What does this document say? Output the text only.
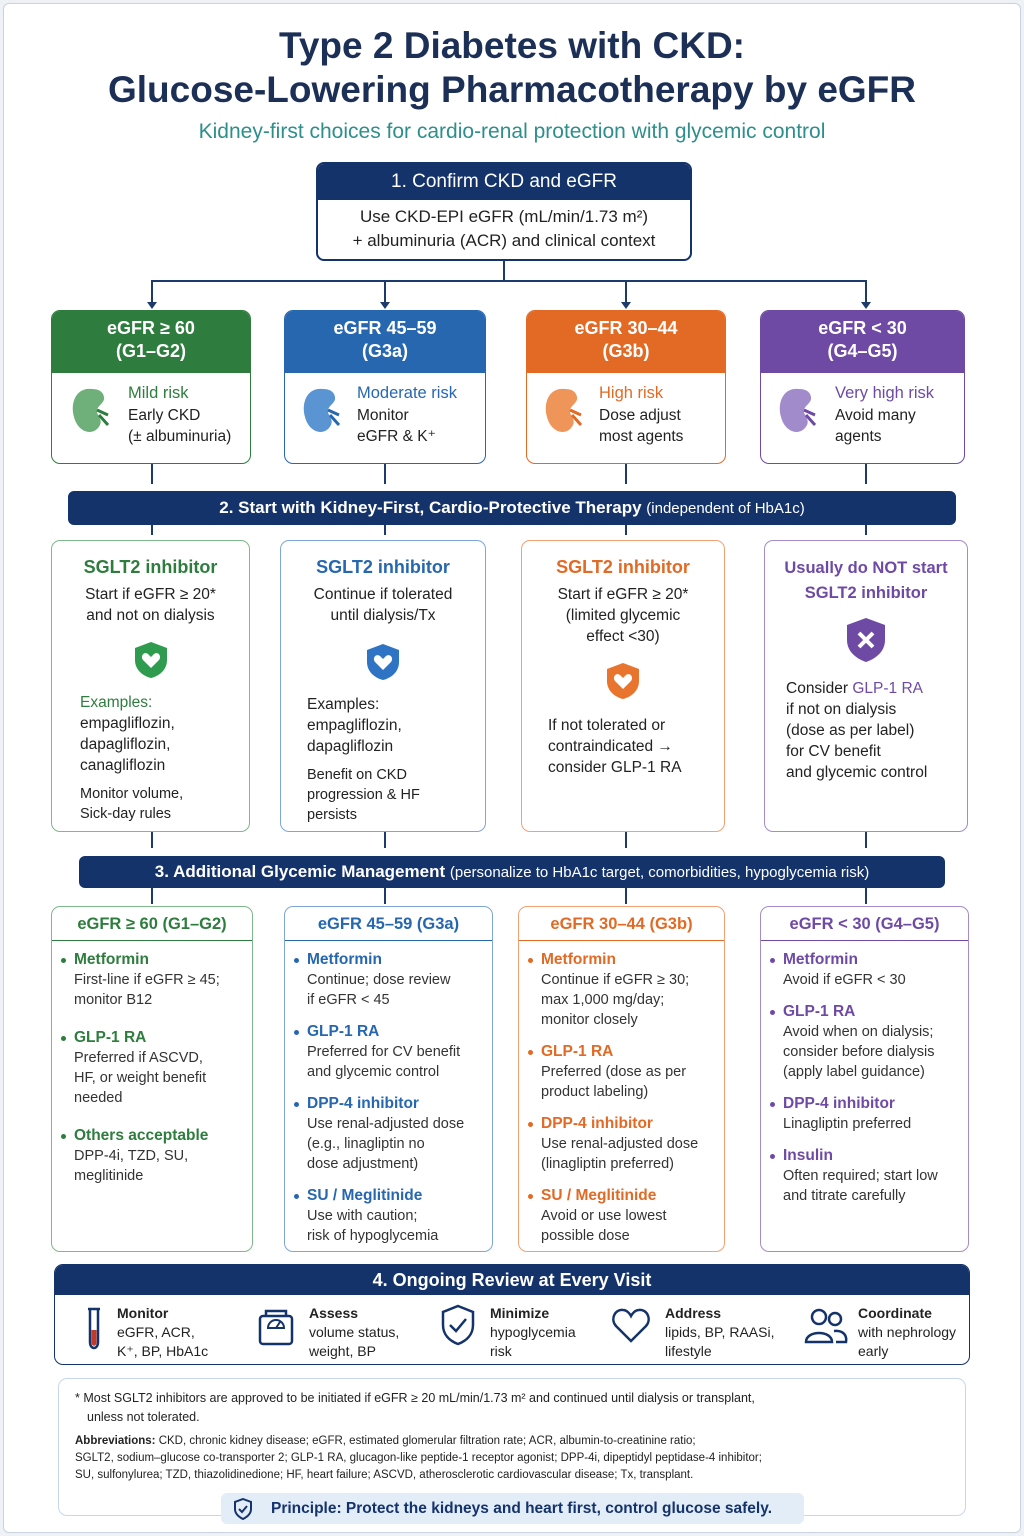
Type 2 Diabetes with CKD:
Glucose-Lowering Pharmacotherapy by eGFR
Kidney-first choices for cardio-renal protection with glycemic control
1. Confirm CKD and eGFR
Use CKD-EPI eGFR (mL/min/1.73 m²)
+ albuminuria (ACR) and clinical context
eGFR ≥ 60
(G1–G2)
Mild risk
Early CKD
(± albuminuria)
eGFR 45–59
(G3a)
Moderate risk
Monitor
eGFR & K⁺
eGFR 30–44
(G3b)
High risk
Dose adjust
most agents
eGFR < 30
(G4–G5)
Very high risk
Avoid many
agents
2. Start with Kidney-First, Cardio-Protective Therapy (independent of HbA1c)
SGLT2 inhibitor
Start if eGFR ≥ 20*
and not on dialysis
Examples:
empagliflozin,
dapagliflozin,
canagliflozin
Monitor volume,
Sick-day rules
SGLT2 inhibitor
Continue if tolerated
until dialysis/Tx
Examples:
empagliflozin,
dapagliflozin
Benefit on CKD
progression & HF
persists
SGLT2 inhibitor
Start if eGFR ≥ 20*
(limited glycemic
effect <30)
If not tolerated or
contraindicated →
consider GLP-1 RA
Usually do NOT start
SGLT2 inhibitor
Consider GLP-1 RA
if not on dialysis
(dose as per label)
for CV benefit
and glycemic control
3. Additional Glycemic Management (personalize to HbA1c target, comorbidities, hypoglycemia risk)
eGFR ≥ 60 (G1–G2)
Metformin
First-line if eGFR ≥ 45;
monitor B12
GLP-1 RA
Preferred if ASCVD,
HF, or weight benefit
needed
Others acceptable
DPP-4i, TZD, SU,
meglitinide
eGFR 45–59 (G3a)
Metformin
Continue; dose review
if eGFR < 45
GLP-1 RA
Preferred for CV benefit
and glycemic control
DPP-4 inhibitor
Use renal-adjusted dose
(e.g., linagliptin no
dose adjustment)
SU / Meglitinide
Use with caution;
risk of hypoglycemia
eGFR 30–44 (G3b)
Metformin
Continue if eGFR ≥ 30;
max 1,000 mg/day;
monitor closely
GLP-1 RA
Preferred (dose as per
product labeling)
DPP-4 inhibitor
Use renal-adjusted dose
(linagliptin preferred)
SU / Meglitinide
Avoid or use lowest
possible dose
eGFR < 30 (G4–G5)
Metformin
Avoid if eGFR < 30
GLP-1 RA
Avoid when on dialysis;
consider before dialysis
(apply label guidance)
DPP-4 inhibitor
Linagliptin preferred
Insulin
Often required; start low
and titrate carefully
4. Ongoing Review at Every Visit
Monitor
eGFR, ACR,
K⁺, BP, HbA1c
Assess
volume status,
weight, BP
Minimize
hypoglycemia
risk
Address
lipids, BP, RAASi,
lifestyle
Coordinate
with nephrology
early
* Most SGLT2 inhibitors are approved to be initiated if eGFR ≥ 20 mL/min/1.73 m² and continued until dialysis or transplant,
unless not tolerated.
Abbreviations: CKD, chronic kidney disease; eGFR, estimated glomerular filtration rate; ACR, albumin-to-creatinine ratio;
SGLT2, sodium–glucose co-transporter 2; GLP-1 RA, glucagon-like peptide-1 receptor agonist; DPP-4i, dipeptidyl peptidase-4 inhibitor;
SU, sulfonylurea; TZD, thiazolidinedione; HF, heart failure; ASCVD, atherosclerotic cardiovascular disease; Tx, transplant.
Principle: Protect the kidneys and heart first, control glucose safely.
